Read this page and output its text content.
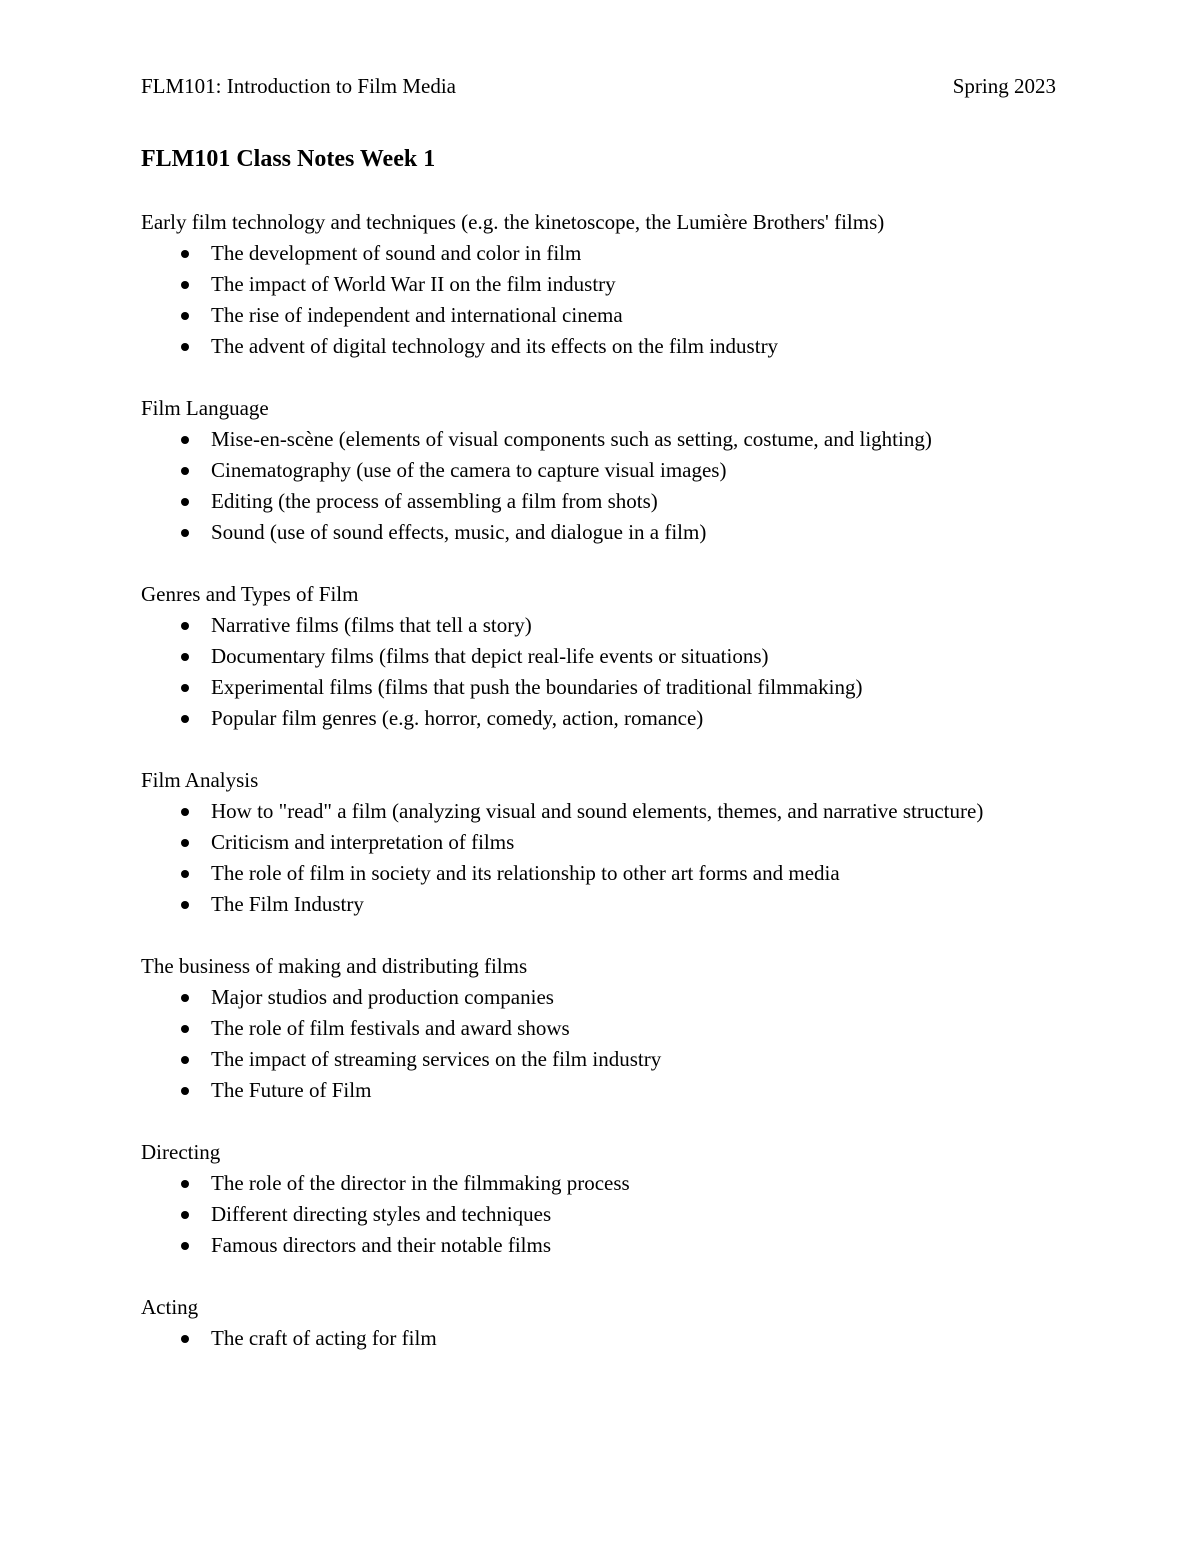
FLM101: Introduction to Film Media	Spring 2023
FLM101 Class Notes Week 1

Early film technology and techniques (e.g. the kinetoscope, the Lumière Brothers' films)

The development of sound and color in film
The impact of World War II on the film industry
The rise of independent and international cinema
The advent of digital technology and its effects on the film industry

Film Language

Mise-en-scène (elements of visual components such as setting, costume, and lighting)
Cinematography (use of the camera to capture visual images)
Editing (the process of assembling a film from shots)
Sound (use of sound effects, music, and dialogue in a film)

Genres and Types of Film

Narrative films (films that tell a story)
Documentary films (films that depict real-life events or situations)
Experimental films (films that push the boundaries of traditional filmmaking)
Popular film genres (e.g. horror, comedy, action, romance)

Film Analysis

How to "read" a film (analyzing visual and sound elements, themes, and narrative structure)
Criticism and interpretation of films
The role of film in society and its relationship to other art forms and media
The Film Industry

The business of making and distributing films

Major studios and production companies
The role of film festivals and award shows
The impact of streaming services on the film industry
The Future of Film

Directing

The role of the director in the filmmaking process
Different directing styles and techniques
Famous directors and their notable films

Acting

The craft of acting for film
